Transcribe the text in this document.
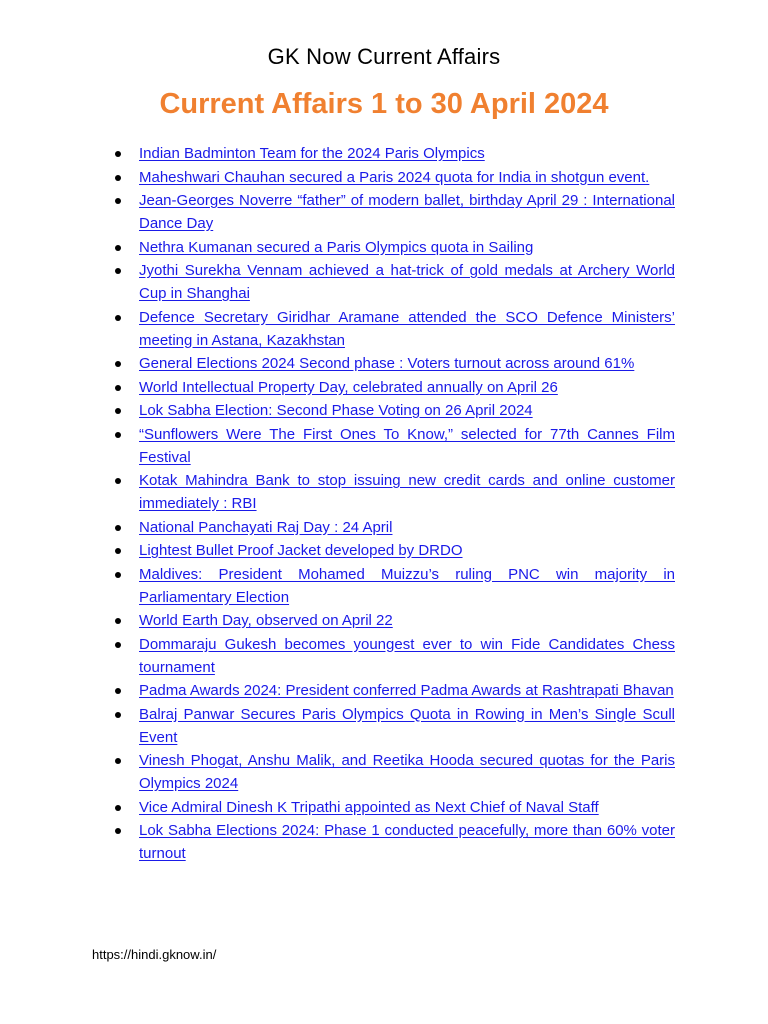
GK Now Current Affairs
Current Affairs 1 to 30 April 2024
Indian Badminton Team for the 2024 Paris Olympics
Maheshwari Chauhan secured a Paris 2024 quota for India in shotgun event.
Jean-Georges Noverre “father” of modern ballet, birthday April 29 : International Dance Day
Nethra Kumanan secured a Paris Olympics quota in Sailing
Jyothi Surekha Vennam achieved a hat-trick of gold medals at Archery World Cup in Shanghai
Defence Secretary Giridhar Aramane attended the SCO Defence Ministers’ meeting in Astana, Kazakhstan
General Elections 2024 Second phase : Voters turnout across around 61%
World Intellectual Property Day, celebrated annually on April 26
Lok Sabha Election: Second Phase Voting on 26 April 2024
“Sunflowers Were The First Ones To Know,” selected for 77th Cannes Film Festival
Kotak Mahindra Bank to stop issuing new credit cards and online customer immediately : RBI
National Panchayati Raj Day : 24 April
Lightest Bullet Proof Jacket developed by DRDO
Maldives: President Mohamed Muizzu’s ruling PNC win majority in Parliamentary Election
World Earth Day, observed on April 22
Dommaraju Gukesh becomes youngest ever to win Fide Candidates Chess tournament
Padma Awards 2024: President conferred Padma Awards at Rashtrapati Bhavan
Balraj Panwar Secures Paris Olympics Quota in Rowing in Men’s Single Scull Event
Vinesh Phogat, Anshu Malik, and Reetika Hooda secured quotas for the Paris Olympics 2024
Vice Admiral Dinesh K Tripathi appointed as Next Chief of Naval Staff
Lok Sabha Elections 2024: Phase 1 conducted peacefully, more than 60% voter turnout
https://hindi.gknow.in/
